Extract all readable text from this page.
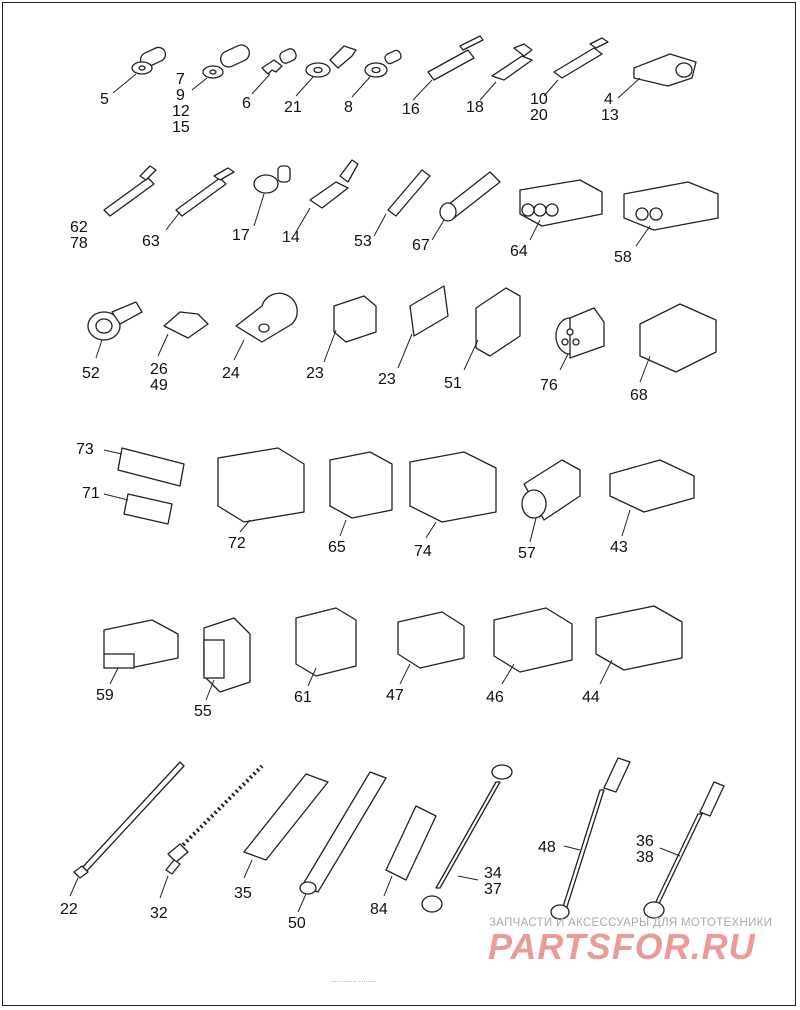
5
7
9
12
15
6 21	8	16	18	10
20
4
13
62
78	63	17 14	53	67	64	58
52	26
49
24	23	23	51	76
68
73
71
72	65	74	57	43
59
55
61	47	46	44
22	32
35
50
84
34
37
48	36
38
ЗАПЧАСТИ И АКСЕССУАРЫ ДЛЯ МОТОТЕХНИКИ
PARTSFOR.RU
............ ........
